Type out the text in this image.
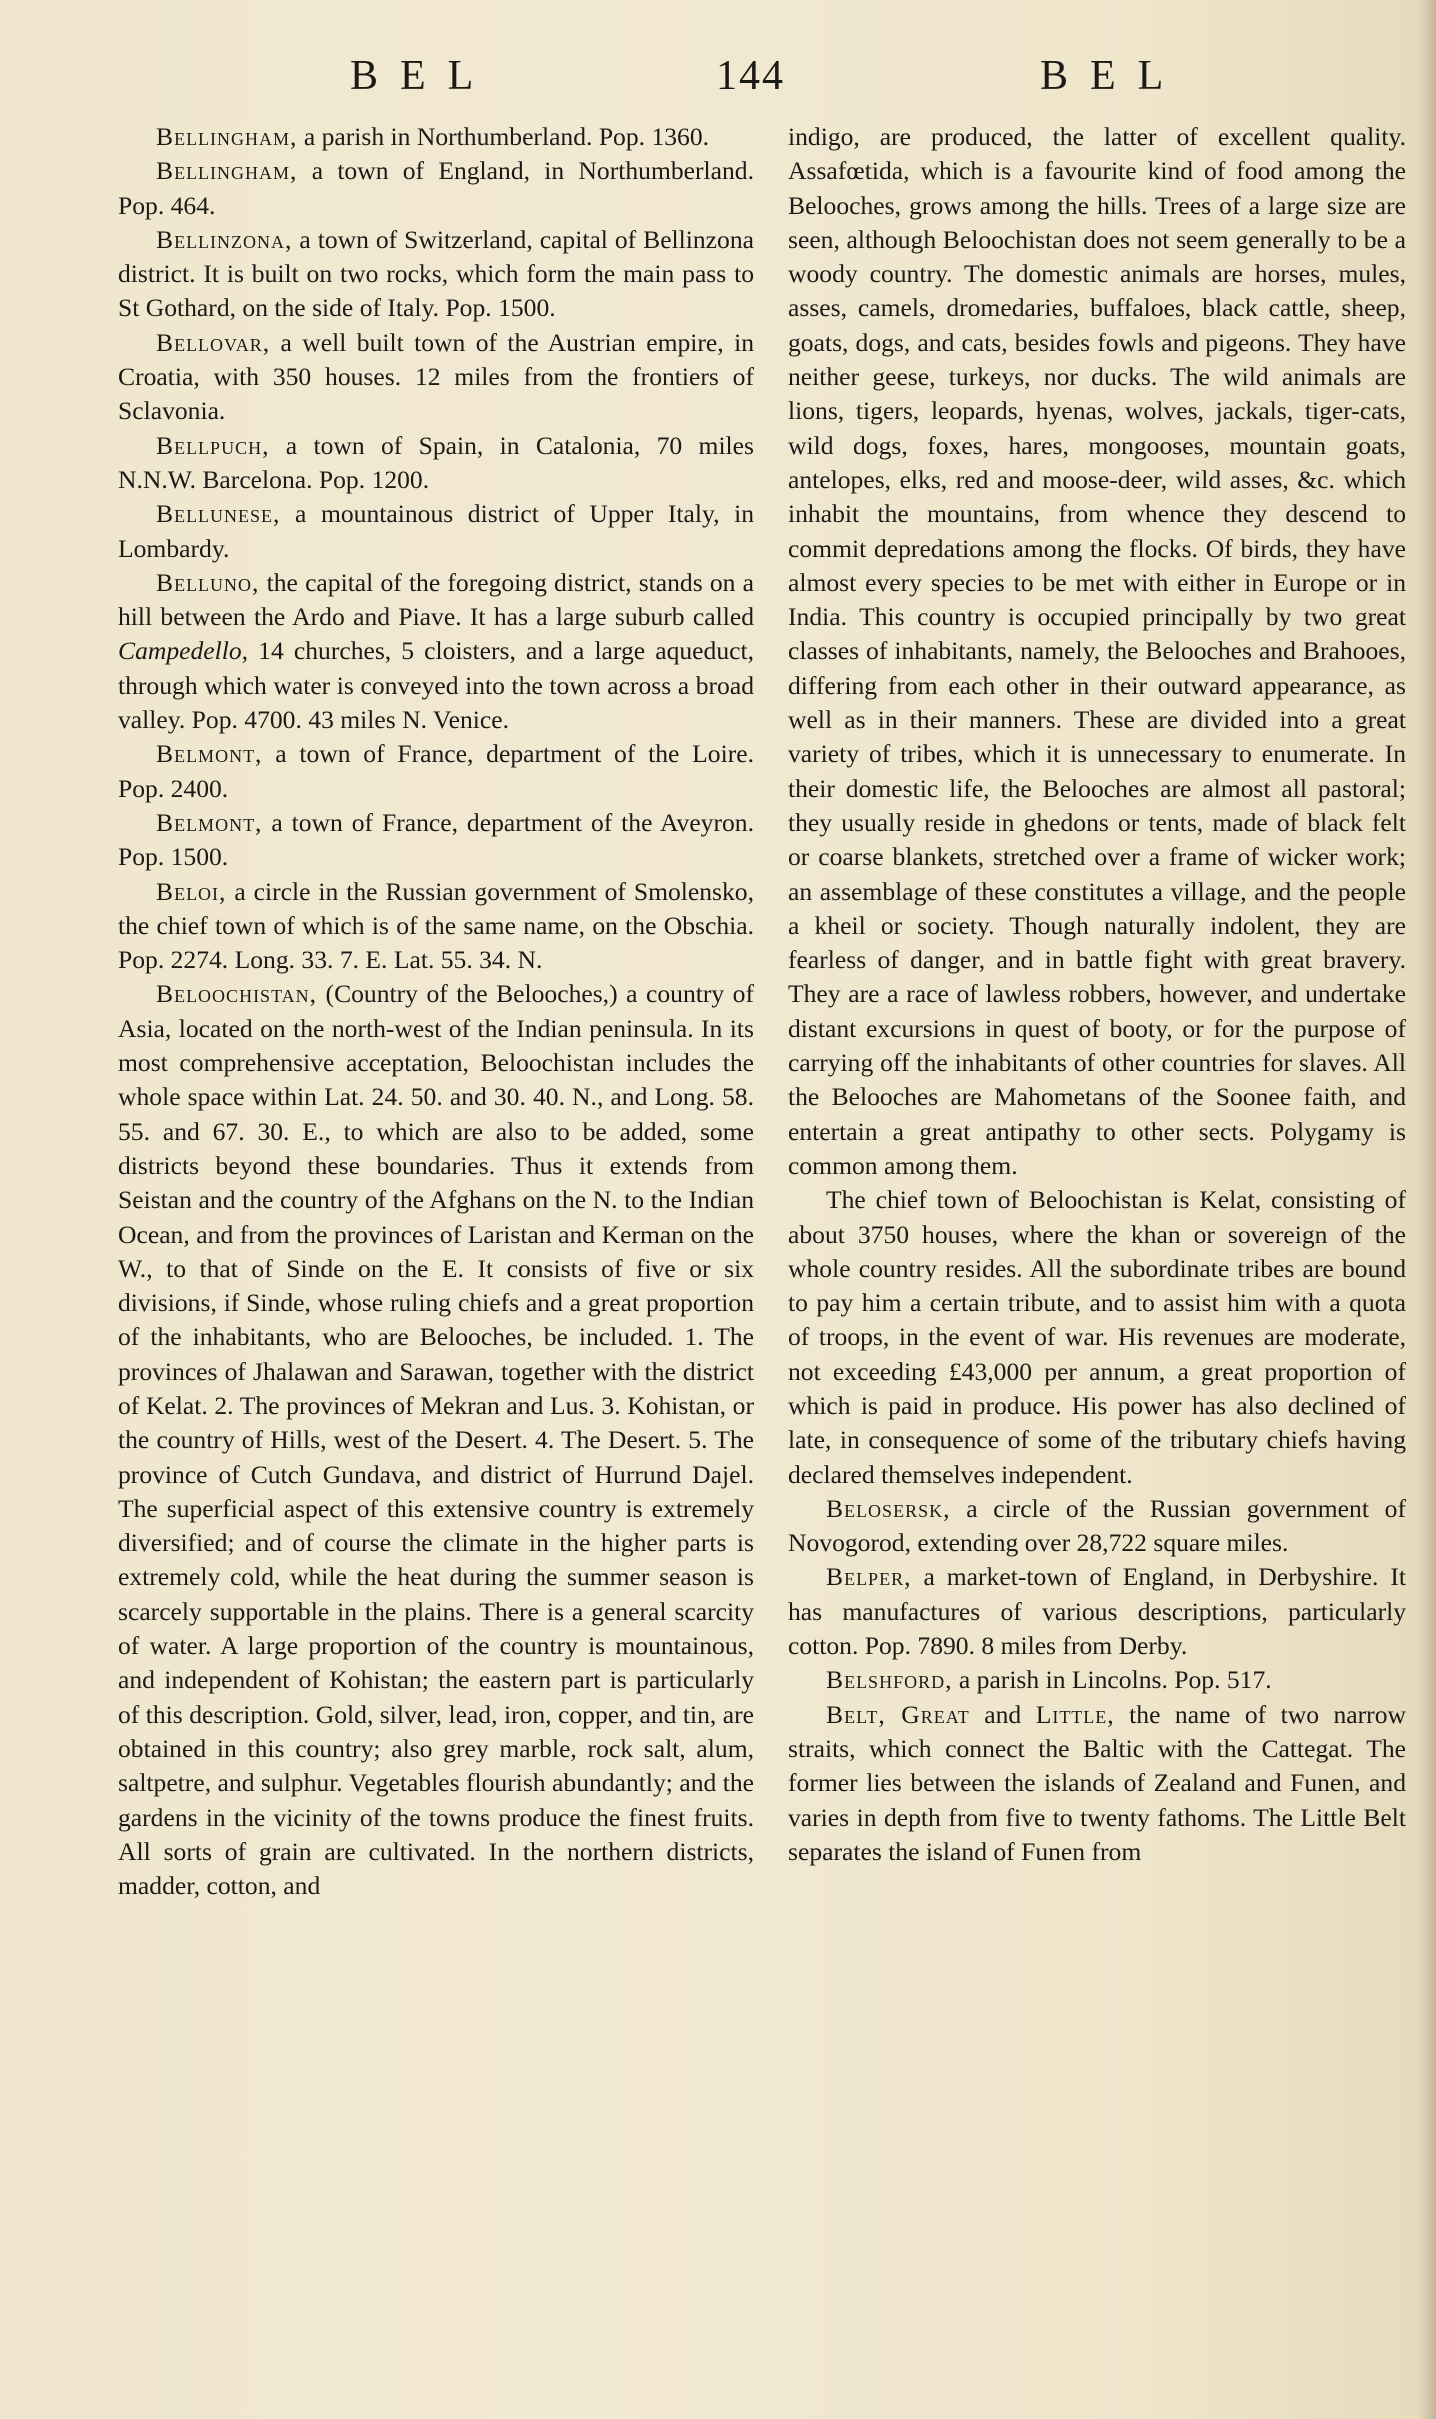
BEL	144	BEL

Bellingham, a parish in Northumberland. Pop. 1360.

Bellingham, a town of England, in Northumberland. Pop. 464.

Bellinzona, a town of Switzerland, capital of Bellinzona district. It is built on two rocks, which form the main pass to St Gothard, on the side of Italy. Pop. 1500.

Bellovar, a well built town of the Austrian empire, in Croatia, with 350 houses. 12 miles from the frontiers of Sclavonia.

Bellpuch, a town of Spain, in Catalonia, 70 miles N.N.W. Barcelona. Pop. 1200.

Bellunese, a mountainous district of Upper Italy, in Lombardy.

Belluno, the capital of the foregoing district, stands on a hill between the Ardo and Piave. It has a large suburb called Campedello, 14 churches, 5 cloisters, and a large aqueduct, through which water is conveyed into the town across a broad valley. Pop. 4700. 43 miles N. Venice.

Belmont, a town of France, department of the Loire. Pop. 2400.

Belmont, a town of France, department of the Aveyron. Pop. 1500.

Beloi, a circle in the Russian government of Smolensko, the chief town of which is of the same name, on the Obschia. Pop. 2274. Long. 33. 7. E. Lat. 55. 34. N.

Beloochistan, (Country of the Belooches,) a country of Asia, located on the north-west of the Indian peninsula. In its most comprehensive acceptation, Beloochistan includes the whole space within Lat. 24. 50. and 30. 40. N., and Long. 58. 55. and 67. 30. E., to which are also to be added, some districts beyond these boundaries. Thus it extends from Seistan and the country of the Afghans on the N. to the Indian Ocean, and from the provinces of Laristan and Kerman on the W., to that of Sinde on the E. It consists of five or six divisions, if Sinde, whose ruling chiefs and a great proportion of the inhabitants, who are Belooches, be included. 1. The provinces of Jhalawan and Sarawan, together with the district of Kelat. 2. The provinces of Mekran and Lus. 3. Kohistan, or the country of Hills, west of the Desert. 4. The Desert. 5. The province of Cutch Gundava, and district of Hurrund Dajel. The superficial aspect of this extensive country is extremely diversified; and of course the climate in the higher parts is extremely cold, while the heat during the summer season is scarcely supportable in the plains. There is a general scarcity of water. A large proportion of the country is mountainous, and independent of Kohistan; the eastern part is particularly of this description. Gold, silver, lead, iron, copper, and tin, are obtained in this country; also grey marble, rock salt, alum, saltpetre, and sulphur. Vegetables flourish abundantly; and the gardens in the vicinity of the towns produce the finest fruits. All sorts of grain are cultivated. In the northern districts, madder, cotton, and

indigo, are produced, the latter of excellent quality. Assafœtida, which is a favourite kind of food among the Belooches, grows among the hills. Trees of a large size are seen, although Beloochistan does not seem generally to be a woody country. The domestic animals are horses, mules, asses, camels, dromedaries, buffaloes, black cattle, sheep, goats, dogs, and cats, besides fowls and pigeons. They have neither geese, turkeys, nor ducks. The wild animals are lions, tigers, leopards, hyenas, wolves, jackals, tiger-cats, wild dogs, foxes, hares, mongooses, mountain goats, antelopes, elks, red and moose-deer, wild asses, &c. which inhabit the mountains, from whence they descend to commit depredations among the flocks. Of birds, they have almost every species to be met with either in Europe or in India. This country is occupied principally by two great classes of inhabitants, namely, the Belooches and Brahooes, differing from each other in their outward appearance, as well as in their manners. These are divided into a great variety of tribes, which it is unnecessary to enumerate. In their domestic life, the Belooches are almost all pastoral; they usually reside in ghedons or tents, made of black felt or coarse blankets, stretched over a frame of wicker work; an assemblage of these constitutes a village, and the people a kheil or society. Though naturally indolent, they are fearless of danger, and in battle fight with great bravery. They are a race of lawless robbers, however, and undertake distant excursions in quest of booty, or for the purpose of carrying off the inhabitants of other countries for slaves. All the Belooches are Mahometans of the Soonee faith, and entertain a great antipathy to other sects. Polygamy is common among them.

The chief town of Beloochistan is Kelat, consisting of about 3750 houses, where the khan or sovereign of the whole country resides. All the subordinate tribes are bound to pay him a certain tribute, and to assist him with a quota of troops, in the event of war. His revenues are moderate, not exceeding £43,000 per annum, a great proportion of which is paid in produce. His power has also declined of late, in consequence of some of the tributary chiefs having declared themselves independent.

Belosersk, a circle of the Russian government of Novogorod, extending over 28,722 square miles.

Belper, a market-town of England, in Derbyshire. It has manufactures of various descriptions, particularly cotton. Pop. 7890. 8 miles from Derby.

Belshford, a parish in Lincolns. Pop. 517.

Belt, Great and Little, the name of two narrow straits, which connect the Baltic with the Cattegat. The former lies between the islands of Zealand and Funen, and varies in depth from five to twenty fathoms. The Little Belt separates the island of Funen from
